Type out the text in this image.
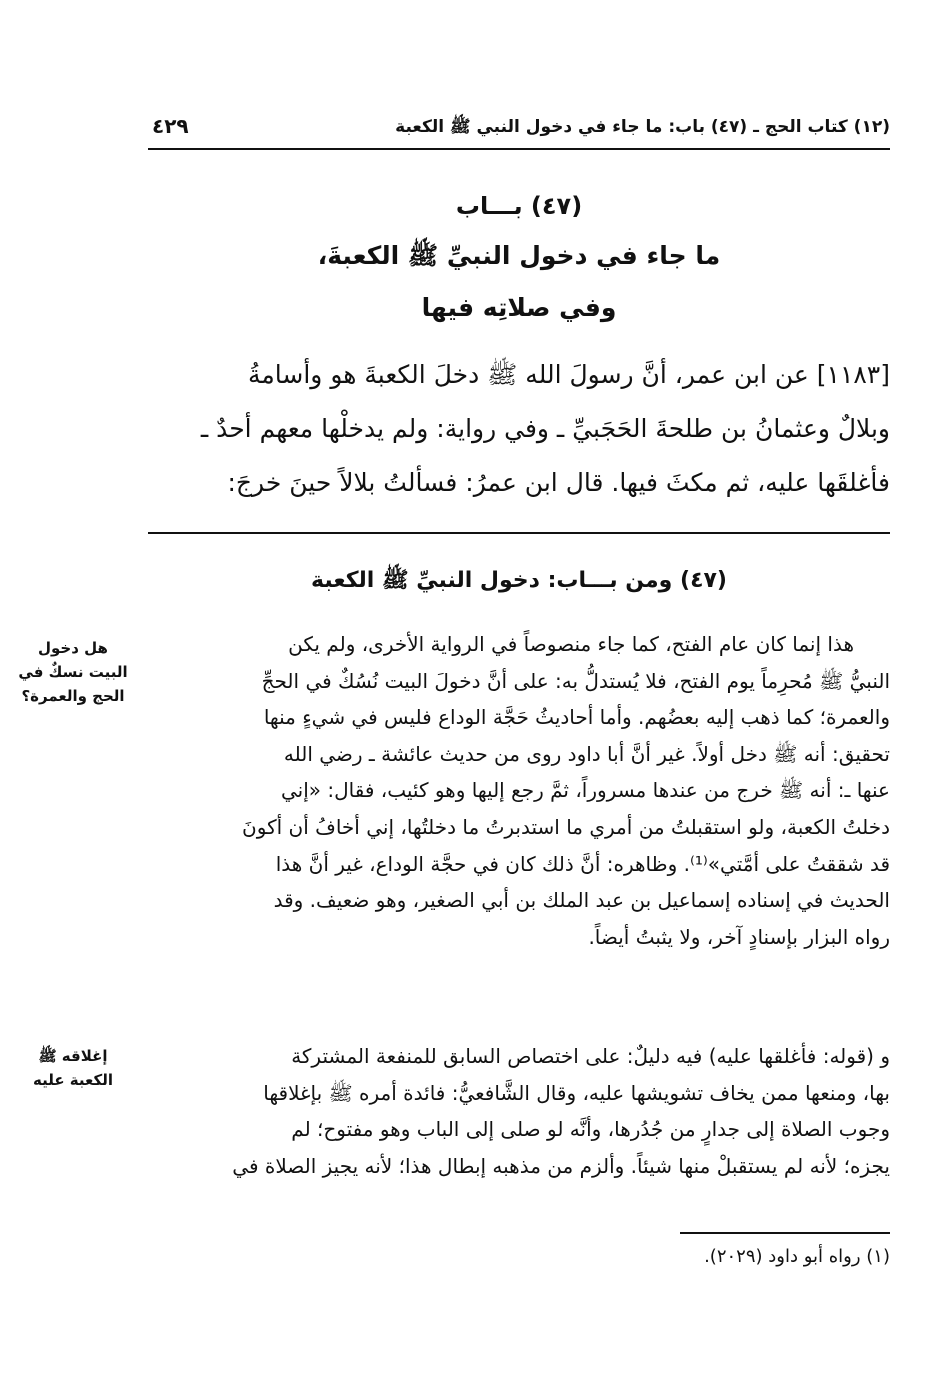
(١٢) كتاب الحج ـ (٤٧) باب: ما جاء في دخول النبي ﷺ الكعبة
٤٢٩
(٤٧) بـــاب
ما جاء في دخول النبيِّ ﷺ الكعبةَ،
وفي صلاتِه فيها
[١١٨٣] عن ابن عمر، أنَّ رسولَ الله ﷺ دخلَ الكعبةَ هو وأسامةُ
وبلالٌ وعثمانُ بن طلحةَ الحَجَبيِّ ـ وفي رواية: ولم يدخلْها معهم أحدٌ ـ
فأغلقَها عليه، ثم مكثَ فيها. قال ابن عمرُ: فسألتُ بلالاً حينَ خرجَ:
(٤٧) ومن بـــاب: دخول النبيِّ ﷺ الكعبة
هذا إنما كان عام الفتح، كما جاء منصوصاً في الرواية الأخرى، ولم يكن
النبيُّ ﷺ مُحرِماً يوم الفتح، فلا يُستدلُّ به: على أنَّ دخولَ البيت نُسُكٌ في الحجِّ
والعمرة؛ كما ذهب إليه بعضُهم. وأما أحاديثُ حَجَّة الوداع فليس في شيءٍ منها
تحقيق: أنه ﷺ دخل أولاً. غير أنَّ أبا داود روى من حديث عائشة ـ رضي الله
عنها ـ: أنه ﷺ خرج من عندها مسروراً، ثمَّ رجع إليها وهو كئيب، فقال: «إني
دخلتُ الكعبة، ولو استقبلتُ من أمري ما استدبرتُ ما دخلتُها، إني أخافُ أن أكونَ
قد شققتُ على أمَّتي»⁽¹⁾. وظاهره: أنَّ ذلك كان في حجَّة الوداع، غير أنَّ هذا
الحديث في إسناده إسماعيل بن عبد الملك بن أبي الصغير، وهو ضعيف. وقد
رواه البزار بإسنادٍ آخر، ولا يثبتُ أيضاً.
هل دخول
البيت نسكٌ في
الحج والعمرة؟
و (قوله: فأغلقها عليه) فيه دليلٌ: على اختصاص السابق للمنفعة المشتركة
بها، ومنعها ممن يخاف تشويشها عليه، وقال الشَّافعيُّ: فائدة أمره ﷺ بإغلاقها
وجوب الصلاة إلى جدارٍ من جُدُرها، وأنَّه لو صلى إلى الباب وهو مفتوح؛ لم
يجزه؛ لأنه لم يستقبلْ منها شيئاً. وألزم من مذهبه إبطال هذا؛ لأنه يجيز الصلاة في
إغلاقه ﷺ
الكعبة عليه
(١) رواه أبو داود (٢٠٢٩).
